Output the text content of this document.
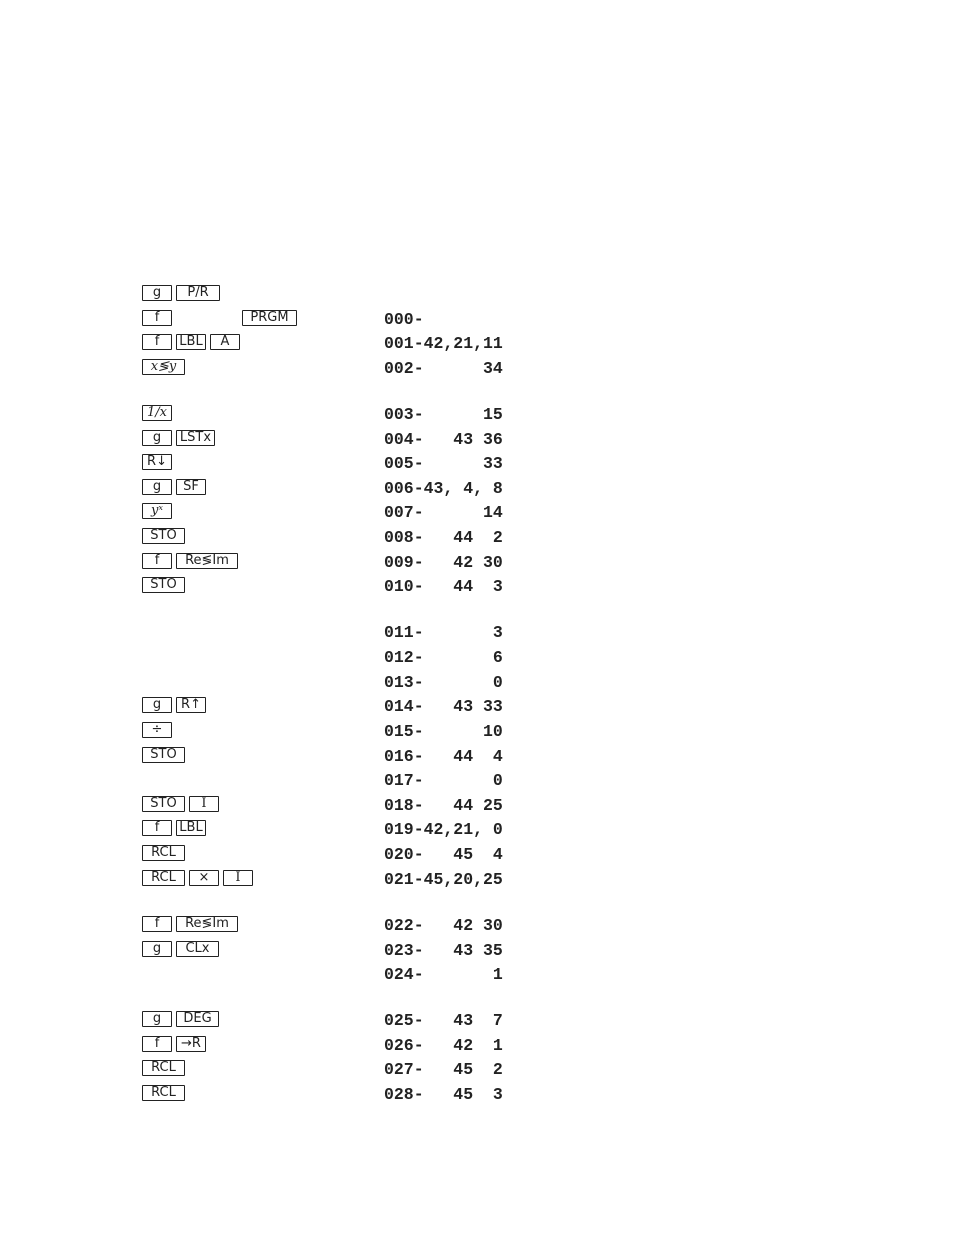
g	P/R
f	PRGM	000-
f	LBL	A	001-42,21,11
x≶y	002-      34
1/x	003-      15
g	LSTx	004-   43 36
R↓	005-      33
g	SF	006-43, 4, 8
yˣ	007-      14
STO	008-   44  2
f	Re≶Im	009-   42 30
STO	010-   44  3
011-       3
012-       6
013-       0
g	R↑	014-   43 33
÷	015-      10
STO	016-   44  4
017-       0
STO	I	018-   44 25
f	LBL	019-42,21, 0
RCL	020-   45  4
RCL	×	I	021-45,20,25
f	Re≶Im	022-   42 30
g	CLx	023-   43 35
024-       1
g	DEG	025-   43  7
f	→R	026-   42  1
RCL	027-   45  2
RCL	028-   45  3
